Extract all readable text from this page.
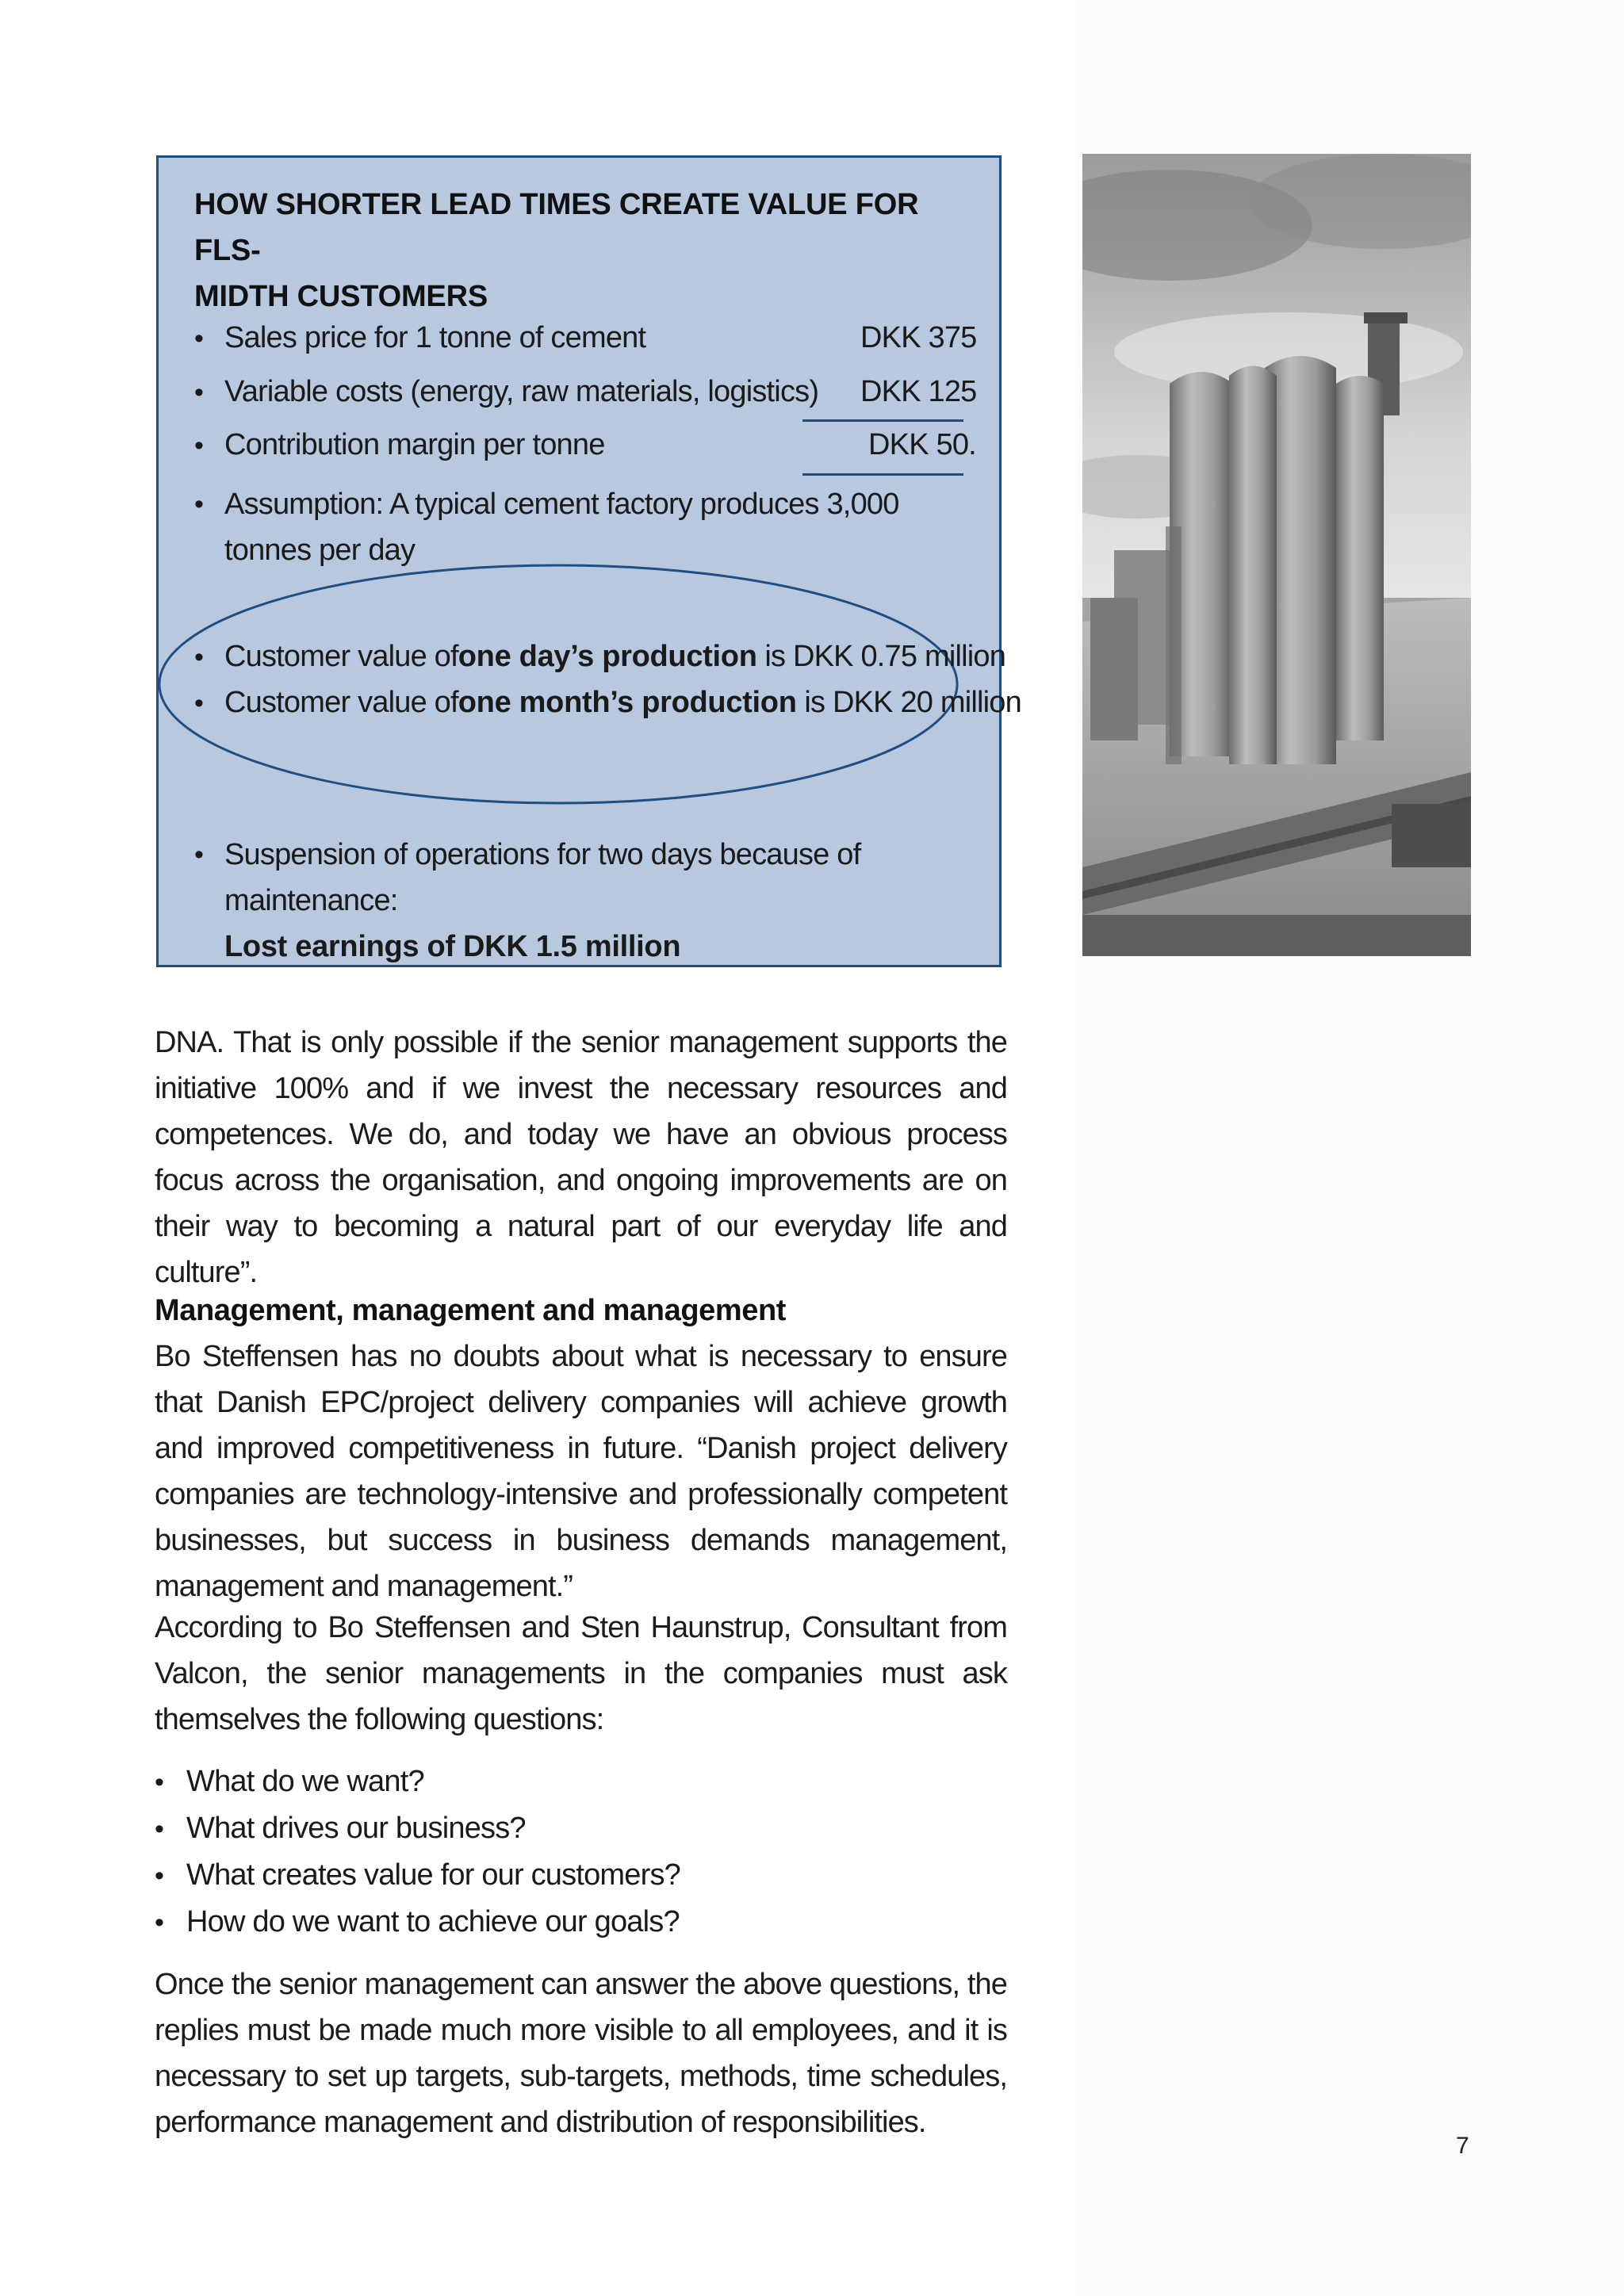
HOW SHORTER LEAD TIMES CREATE VALUE FOR FLS-
MIDTH CUSTOMERS
• Sales price for 1 tonne of cement	DKK 375
• Variable costs (energy, raw materials, logistics) DKK 125
• Contribution margin per tonne	DKK 50.
• Assumption: A typical cement factory produces 3,000 tonnes per day
• Customer value ofone day’s production is DKK 0.75 million
• Customer value ofone month’s production is DKK 20 million
• Suspension of operations for two days because of maintenance:
Lost earnings of DKK 1.5 million
DNA. That is only possible if the senior management supports the initiative 100% and if we invest the necessary resources and competences. We do, and today we have an obvious process focus across the organisation, and ongoing improvements are on their way to becoming a natural part of our everyday life and culture”.
Management, management and management
Bo Steffensen has no doubts about what is necessary to ensure that Danish EPC/project delivery companies will achieve growth and improved competitiveness in future. “Danish project delivery companies are technology-intensive and professionally competent businesses, but success in business demands management, management and management.”
According to Bo Steffensen and Sten Haunstrup, Consultant from Valcon, the senior managements in the companies must ask themselves the following questions:
• What do we want?
• What drives our business?
• What creates value for our customers?
• How do we want to achieve our goals?
Once the senior management can answer the above questions, the replies must be made much more visible to all employees, and it is necessary to set up targets, sub-targets, methods, time schedules, performance management and distribution of responsibilities.
7
